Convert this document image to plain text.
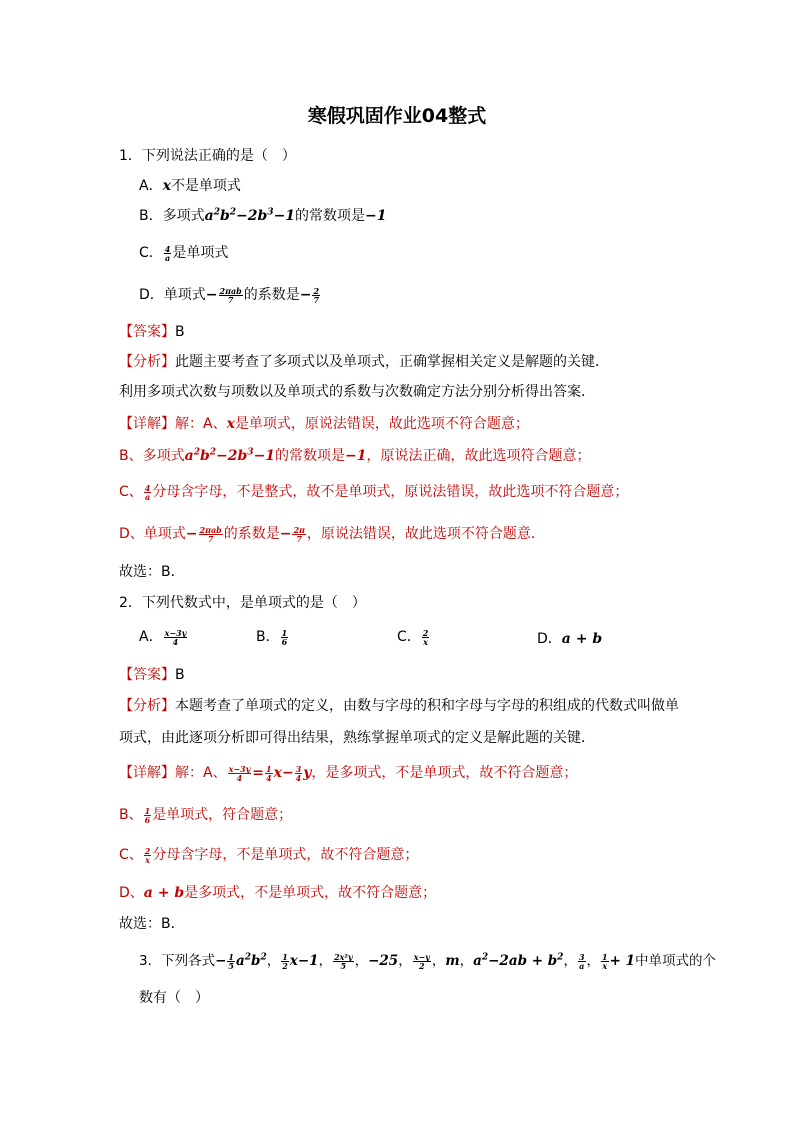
寒假巩固作业04整式
1．下列说法正确的是（　）
A．x不是单项式
B．多项式$a^2b^2-2b^3-1$的常数项是−1
C． $\frac{4}{a}$ 是单项式
D．单项式− 2πab
7 的系数是− $\frac{2}{7}$
【答案】B
【分析】此题主要考查了多项式以及单项式，正确掌握相关定义是解题的关键．
利用多项式次数与项数以及单项式的系数与次数确定方法分别分析得出答案．
【详解】解：A、x是单项式，原说法错误，故此选项不符合题意；
B、多项式$a^2b^2-2b^3-1$的常数项是−1，原说法正确，故此选项符合题意；
C、 $\frac{4}{a}$ 分母含字母，不是整式，故不是单项式，原说法错误，故此选项不符合题意；
D、单项式− 2πab
7 的系数是− $\frac{2\pi}{7}$ ，原说法错误，故此选项不符合题意．
故选：B．
2．下列代数式中，是单项式的是（　）
A． $\frac{x-3y}{4}$	B． $\frac{1}{6}$	C． $\frac{2}{x}$	D．a + b
【答案】B
【分析】本题考查了单项式的定义，由数与字母的积和字母与字母的积组成的代数式叫做单
项式，由此逐项分析即可得出结果，熟练掌握单项式的定义是解此题的关键．
【详解】解：A、 $\frac{x-3y}{4} = \frac{1}{4} x- \frac{3}{4}$ y，是多项式，不是单项式，故不符合题意；
B、 $\frac{1}{6}$ 是单项式，符合题意；
C、 $\frac{2}{x}$ 分母含字母，不是单项式，故不符合题意；
D、a + b是多项式，不是单项式，故不符合题意；
故选：B．
3．下列各式− $\frac{1}{5} a^2b^2$， $\frac{1}{2} x-1$， $\frac{\text{2x²y}}{5}$ ，−25， $\frac{x-y}{2}$ ，m，$a^2-2ab + b^2$， $\frac{3}{a}$ ， $\frac{1}{x} + 1$中单项式的个
数有（　）
